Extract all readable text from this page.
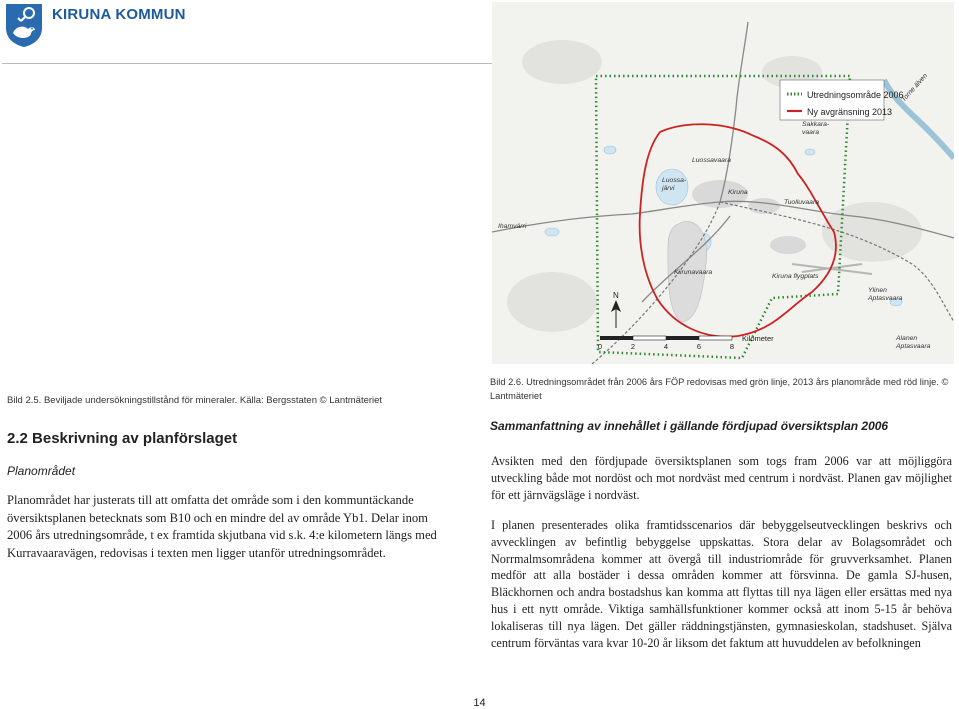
KIRUNA KOMMUN
Bild 2.5. Beviljade undersökningstillstånd för mineraler. Källa: Bergsstaten © Lantmäteriet
2.2 Beskrivning av planförslaget
Planområdet
Planområdet har justerats till att omfatta det område som i den kommuntäckande översiktsplanen betecknats som B10 och en mindre del av område Yb1. Delar inom 2006 års utredningsområde, t ex framtida skjutbana vid s.k. 4:e kilometern längs med Kurravaaravägen, redovisas i texten men ligger utanför utredningsområdet.
Utredningsområde 2006
Ny avgränsning 2013
Sakkara-
vaara
Luossavaara
Luossa-
järvi
Kiruna
Tuolluvaara
Ihamvärri
Kiirunavaara
Kiruna flygplats
Ylinen
Aptasvaara
Alanen
Aptasvaara
Torne älven
N
0	2	4	6	8
Kilometer
Bild 2.6. Utredningsområdet från 2006 års FÖP redovisas med grön linje, 2013 års planområde med röd linje. © Lantmäteriet
Sammanfattning av innehållet i gällande fördjupad översiktsplan 2006

Avsikten med den fördjupade översiktsplanen som togs fram 2006 var att möjliggöra utveckling både mot nordöst och mot nordväst med centrum i nordväst. Planen gav möjlighet för ett järnvägsläge i nordväst.

I planen presenterades olika framtidsscenarios där bebyggelseutvecklingen beskrivs och avvecklingen av befintlig bebyggelse uppskattas. Stora delar av Bolagsområdet och Norrmalmsområdena kommer att övergå till industriområde för gruvverksamhet. Planen medför att alla bostäder i dessa områden kommer att försvinna. De gamla SJ-husen, Bläckhornen och andra bostadshus kan komma att flyttas till nya lägen eller ersättas med nya hus i ett nytt område. Viktiga samhällsfunktioner kommer också att inom 5-15 år behöva lokaliseras till nya lägen. Det gäller räddningstjänsten, gymnasieskolan, stadshuset. Själva centrum förväntas vara kvar 10-20 år liksom det faktum att huvuddelen av befolkningen

14
